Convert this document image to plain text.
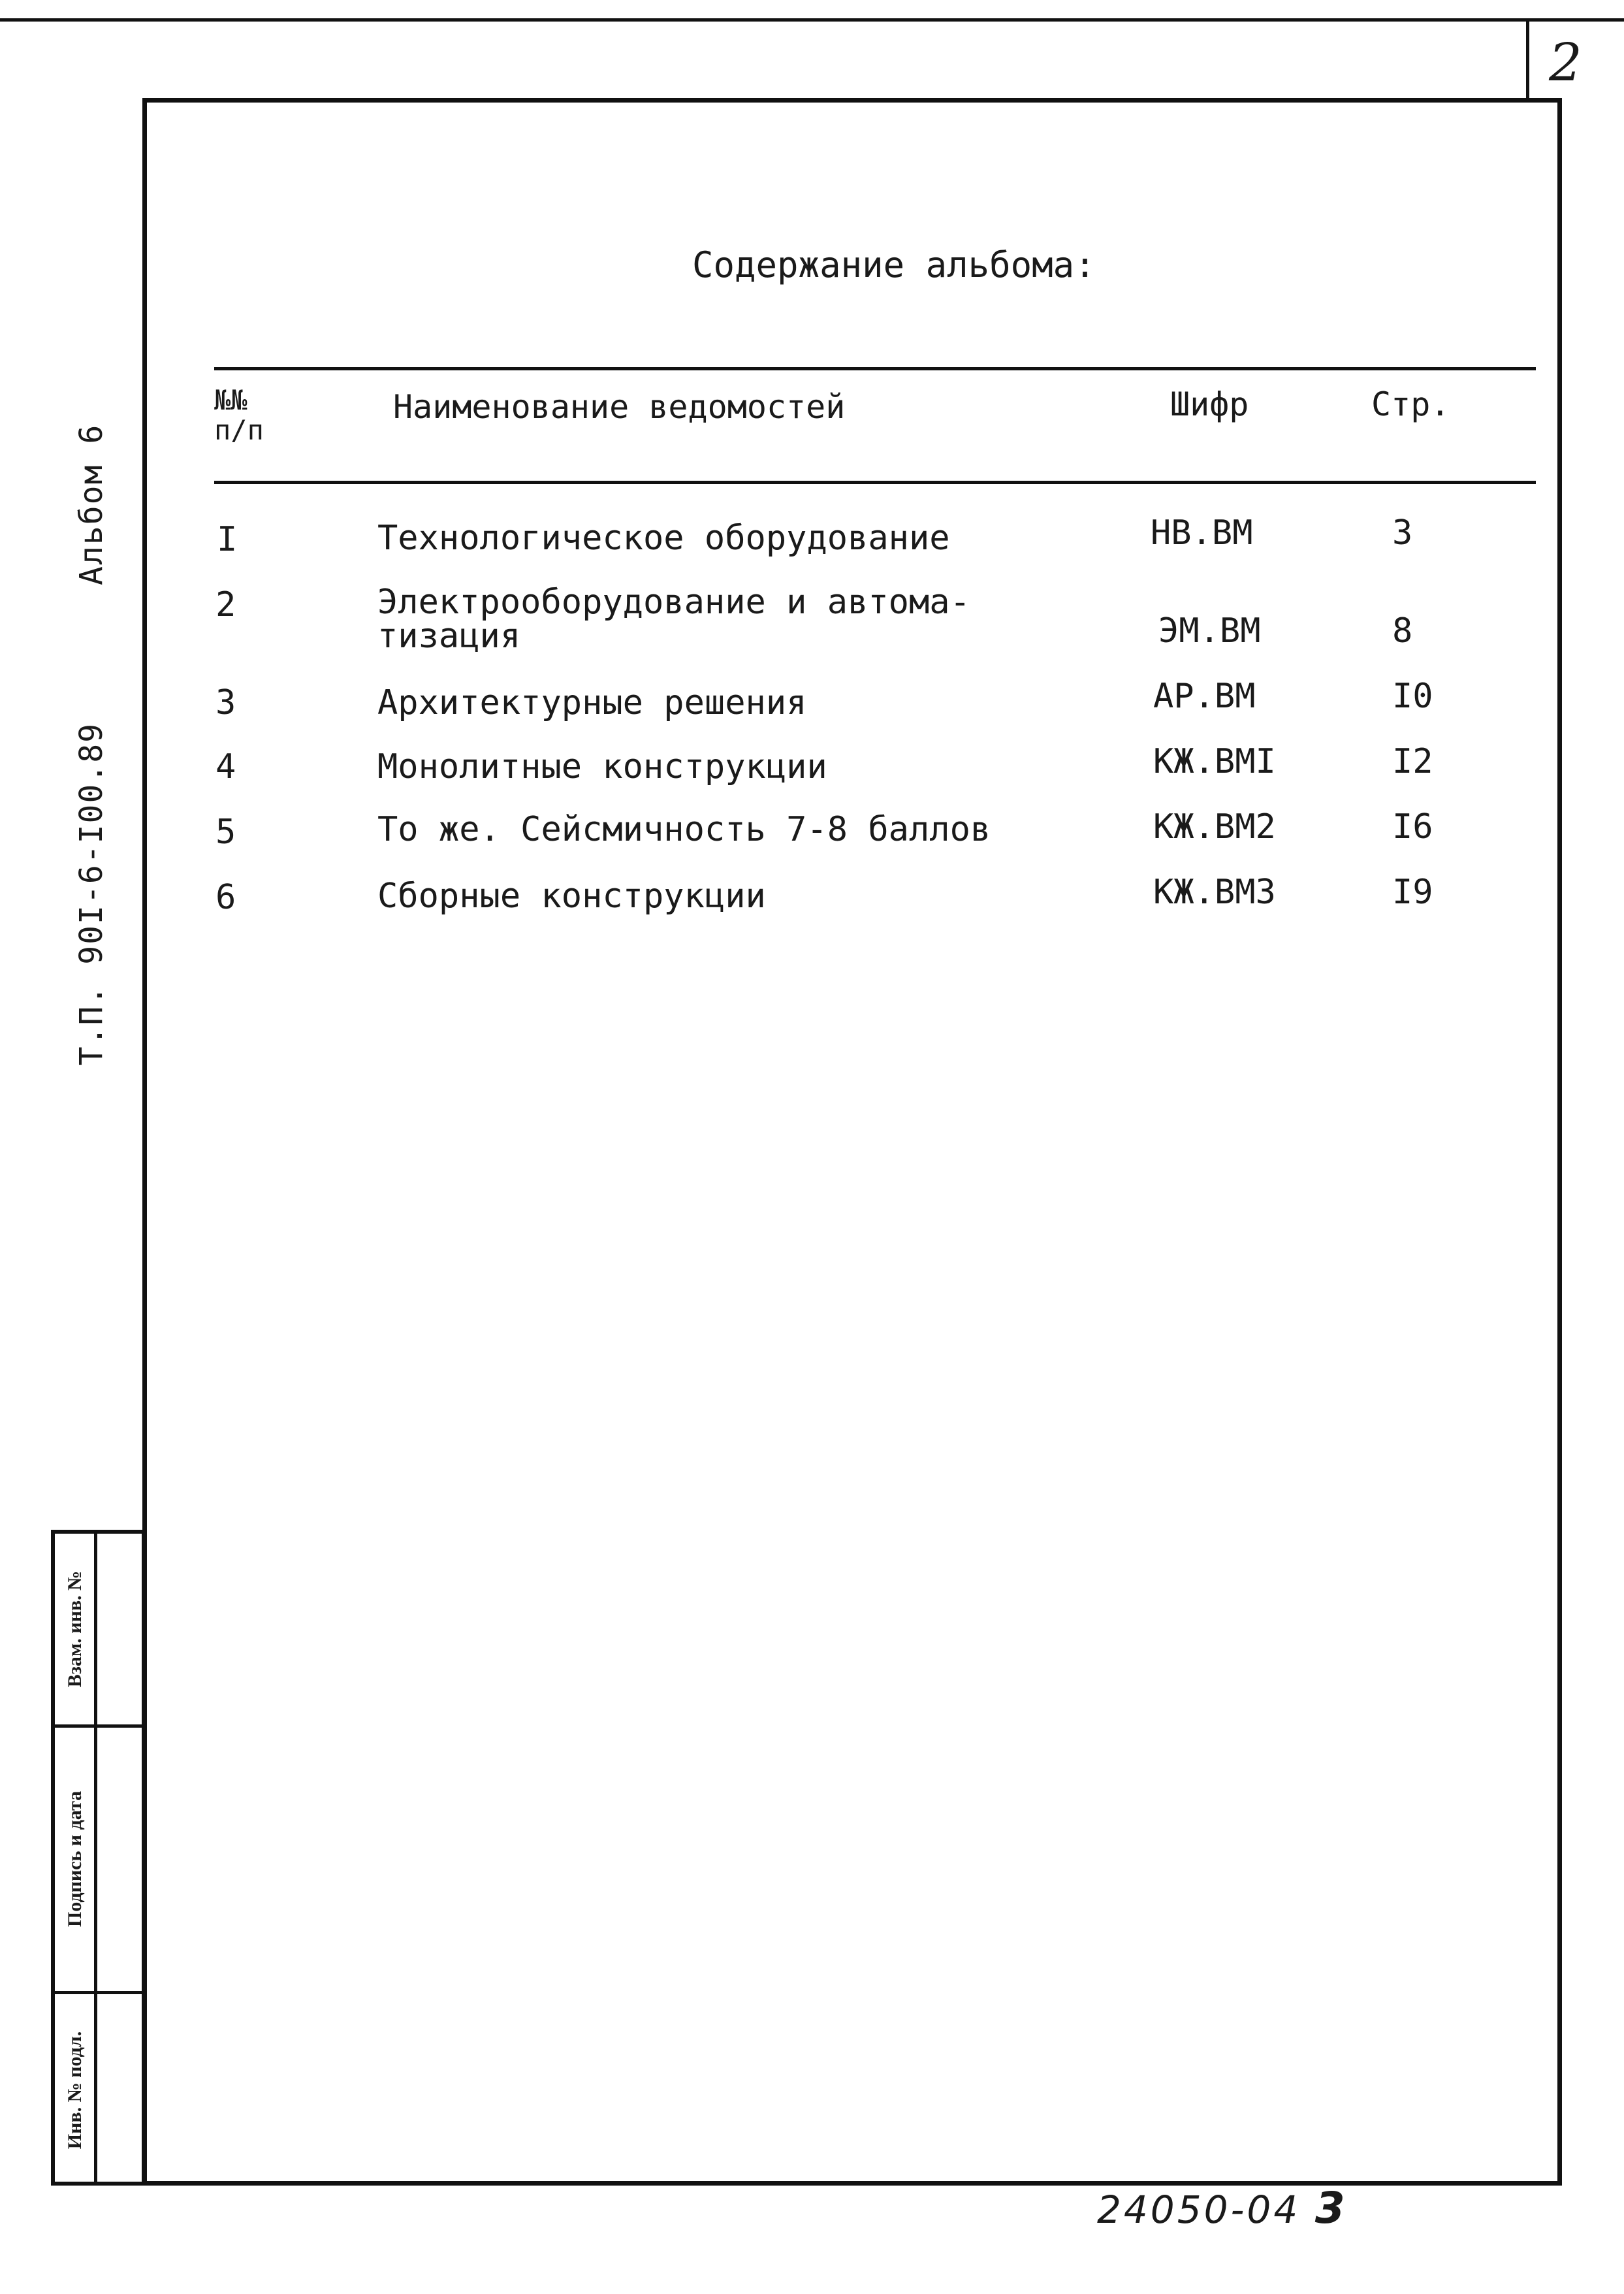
2
Т.П. 90I-6-I00.89Альбом 6
Взам. инв. №
Подпись и дата
Инв. № подл.
Содержание альбома:
№№
п/п
Наименование ведомостей	Шифр	Стр.
I	Технологическое оборудование	НВ.ВМ	3
2	Электрооборудование и автома-
тизация	ЭМ.ВМ	8
3	Архитектурные решения	АР.ВМ	I0
4	Монолитные конструкции	КЖ.ВМI	I2
5	То же. Сейсмичность 7-8 баллов	КЖ.ВМ2	I6
6	Сборные конструкции	КЖ.ВМ3	I9
24050-04 3
